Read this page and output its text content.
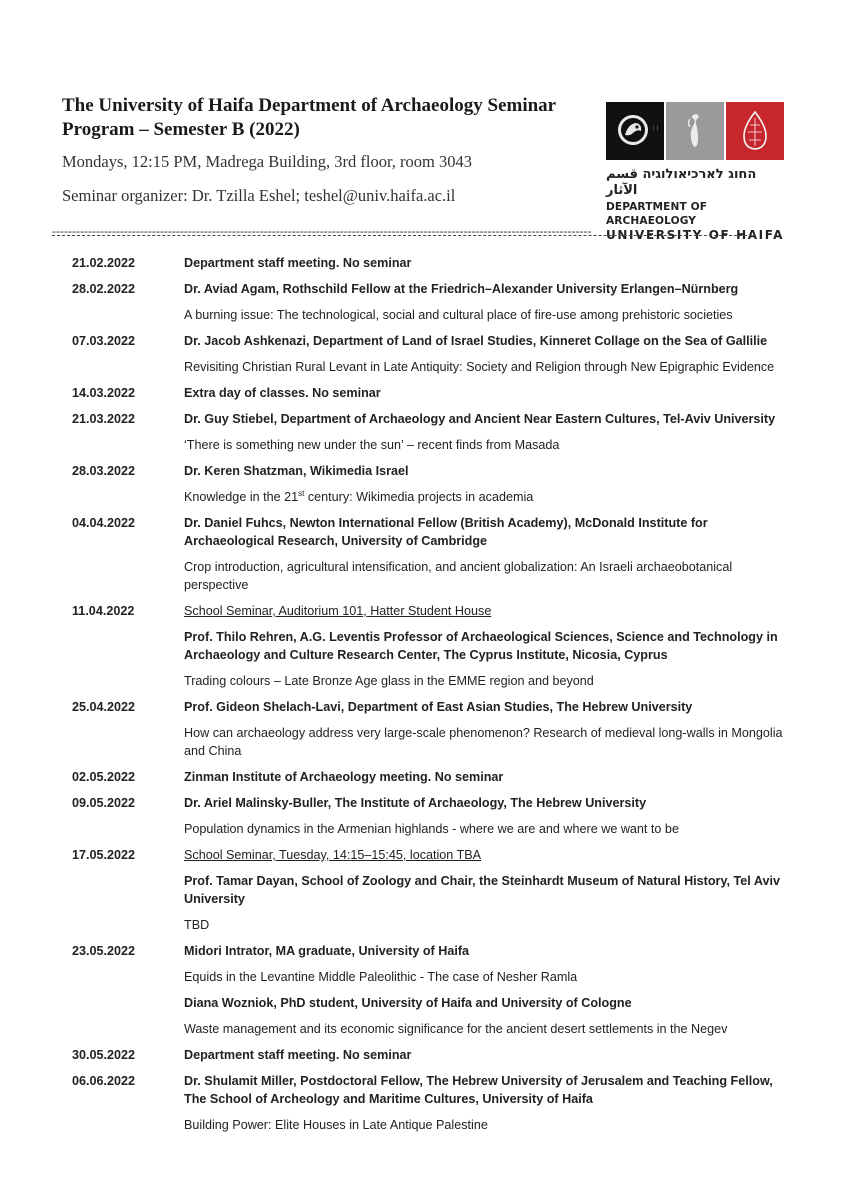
The University of Haifa Department of Archaeology Seminar

Program – Semester B (2022)

Mondays, 12:15 PM, Madrega Building, 3rd floor, room 3043

Seminar organizer: Dr. Tzilla Eshel; teshel@univ.haifa.ac.il

ᛁᛁ
החוג לארכיאולוגיה قسم الآثار
DEPARTMENT OF ARCHAEOLOGY
UNIVERSITY OF HAIFA
---------------------------------------------------------------------------------------------------------------------------------------
21.02.2022	Department staff meeting. No seminar
28.02.2022	Dr. Aviad Agam, Rothschild Fellow at the Friedrich–Alexander University Erlangen–Nürnberg
A burning issue: The technological, social and cultural place of fire-use among prehistoric societies
07.03.2022	Dr. Jacob Ashkenazi, Department of Land of Israel Studies, Kinneret Collage on the Sea of Gallilie
Revisiting Christian Rural Levant in Late Antiquity: Society and Religion through New Epigraphic Evidence
14.03.2022	Extra day of classes. No seminar
21.03.2022	Dr. Guy Stiebel, Department of Archaeology and Ancient Near Eastern Cultures, Tel-Aviv University
‘There is something new under the sun’ – recent finds from Masada
28.03.2022	Dr. Keren Shatzman, Wikimedia Israel
Knowledge in the 21st century: Wikimedia projects in academia
04.04.2022	Dr. Daniel Fuhcs, Newton International Fellow (British Academy), McDonald Institute for Archaeological Research, University of Cambridge
Crop introduction, agricultural intensification, and ancient globalization: An Israeli archaeobotanical perspective
11.04.2022	School Seminar, Auditorium 101, Hatter Student House
Prof. Thilo Rehren, A.G. Leventis Professor of Archaeological Sciences, Science and Technology in Archaeology and Culture Research Center, The Cyprus Institute, Nicosia, Cyprus
Trading colours – Late Bronze Age glass in the EMME region and beyond
25.04.2022	Prof. Gideon Shelach-Lavi, Department of East Asian Studies, The Hebrew University
How can archaeology address very large-scale phenomenon? Research of medieval long-walls in Mongolia and China
02.05.2022	Zinman Institute of Archaeology meeting. No seminar
09.05.2022	Dr. Ariel Malinsky-Buller, The Institute of Archaeology, The Hebrew University
Population dynamics in the Armenian highlands - where we are and where we want to be
17.05.2022	School Seminar, Tuesday, 14:15–15:45, location TBA
Prof. Tamar Dayan, School of Zoology and Chair, the Steinhardt Museum of Natural History, Tel Aviv University
TBD
23.05.2022	Midori Intrator, MA graduate, University of Haifa
Equids in the Levantine Middle Paleolithic - The case of Nesher Ramla
Diana Wozniok, PhD student, University of Haifa and University of Cologne
Waste management and its economic significance for the ancient desert settlements in the Negev
30.05.2022	Department staff meeting. No seminar
06.06.2022	Dr. Shulamit Miller, Postdoctoral Fellow, The Hebrew University of Jerusalem and Teaching Fellow, The School of Archeology and Maritime Cultures, University of Haifa
Building Power: Elite Houses in Late Antique Palestine
